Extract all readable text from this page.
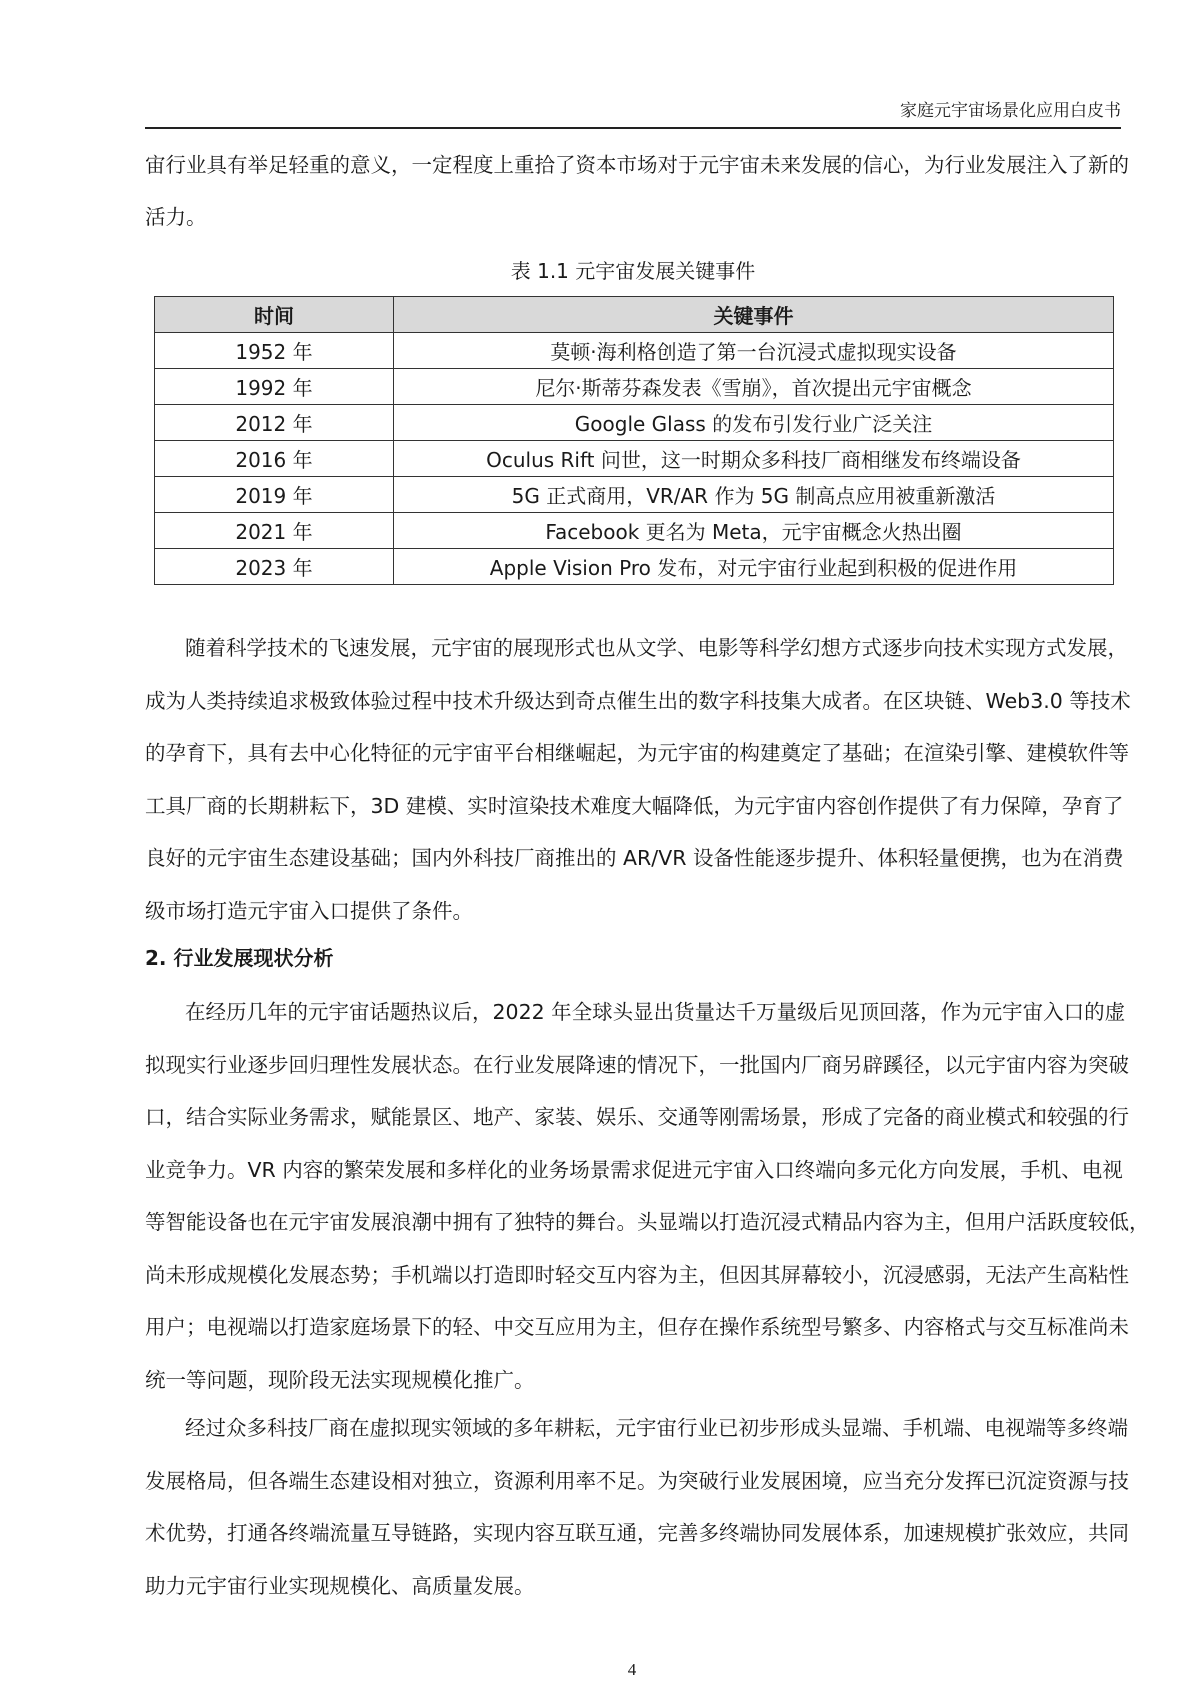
家庭元宇宙场景化应用白皮书
宙行业具有举足轻重的意义，一定程度上重拾了资本市场对于元宇宙未来发展的信心，为行业发展注入了新的
活力。
表 1.1 元宇宙发展关键事件
时间	关键事件
1952 年	莫顿·海利格创造了第一台沉浸式虚拟现实设备
1992 年	尼尔·斯蒂芬森发表《雪崩》，首次提出元宇宙概念
2012 年	Google Glass 的发布引发行业广泛关注
2016 年	Oculus Rift 问世，这一时期众多科技厂商相继发布终端设备
2019 年	5G 正式商用，VR/AR 作为 5G 制高点应用被重新激活
2021 年	Facebook 更名为 Meta，元宇宙概念火热出圈
2023 年	Apple Vision Pro 发布，对元宇宙行业起到积极的促进作用
随着科学技术的飞速发展，元宇宙的展现形式也从文学、电影等科学幻想方式逐步向技术实现方式发展，
成为人类持续追求极致体验过程中技术升级达到奇点催生出的数字科技集大成者。在区块链、Web3.0 等技术
的孕育下，具有去中心化特征的元宇宙平台相继崛起，为元宇宙的构建奠定了基础；在渲染引擎、建模软件等
工具厂商的长期耕耘下，3D 建模、实时渲染技术难度大幅降低，为元宇宙内容创作提供了有力保障，孕育了
良好的元宇宙生态建设基础；国内外科技厂商推出的 AR/VR 设备性能逐步提升、体积轻量便携，也为在消费
级市场打造元宇宙入口提供了条件。
2. 行业发展现状分析
在经历几年的元宇宙话题热议后，2022 年全球头显出货量达千万量级后见顶回落，作为元宇宙入口的虚
拟现实行业逐步回归理性发展状态。在行业发展降速的情况下，一批国内厂商另辟蹊径，以元宇宙内容为突破
口，结合实际业务需求，赋能景区、地产、家装、娱乐、交通等刚需场景，形成了完备的商业模式和较强的行
业竞争力。VR 内容的繁荣发展和多样化的业务场景需求促进元宇宙入口终端向多元化方向发展，手机、电视
等智能设备也在元宇宙发展浪潮中拥有了独特的舞台。头显端以打造沉浸式精品内容为主，但用户活跃度较低，
尚未形成规模化发展态势；手机端以打造即时轻交互内容为主，但因其屏幕较小，沉浸感弱，无法产生高粘性
用户；电视端以打造家庭场景下的轻、中交互应用为主，但存在操作系统型号繁多、内容格式与交互标准尚未
统一等问题，现阶段无法实现规模化推广。
经过众多科技厂商在虚拟现实领域的多年耕耘，元宇宙行业已初步形成头显端、手机端、电视端等多终端
发展格局，但各端生态建设相对独立，资源利用率不足。为突破行业发展困境，应当充分发挥已沉淀资源与技
术优势，打通各终端流量互导链路，实现内容互联互通，完善多终端协同发展体系，加速规模扩张效应，共同
助力元宇宙行业实现规模化、高质量发展。
4
